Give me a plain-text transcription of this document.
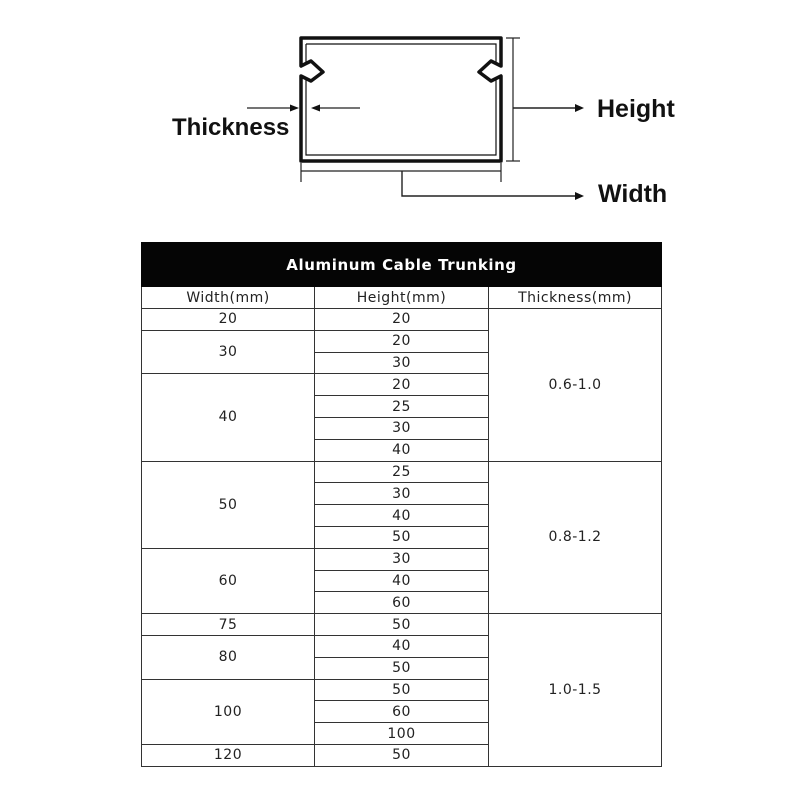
Height
Thickness
Width
Aluminum Cable Trunking		
Width(mm)	Height(mm)	Thickness(mm)
20	20	0.6-1.0
30	20	
	30	
40	20	
	25	
	30	
	40	
50	25	0.8-1.2
	30	
	40	
	50	
60	30	
	40	
	60	
75	50	1.0-1.5
80	40	
	50	
100	50	
	60	
	100	
120	50	
